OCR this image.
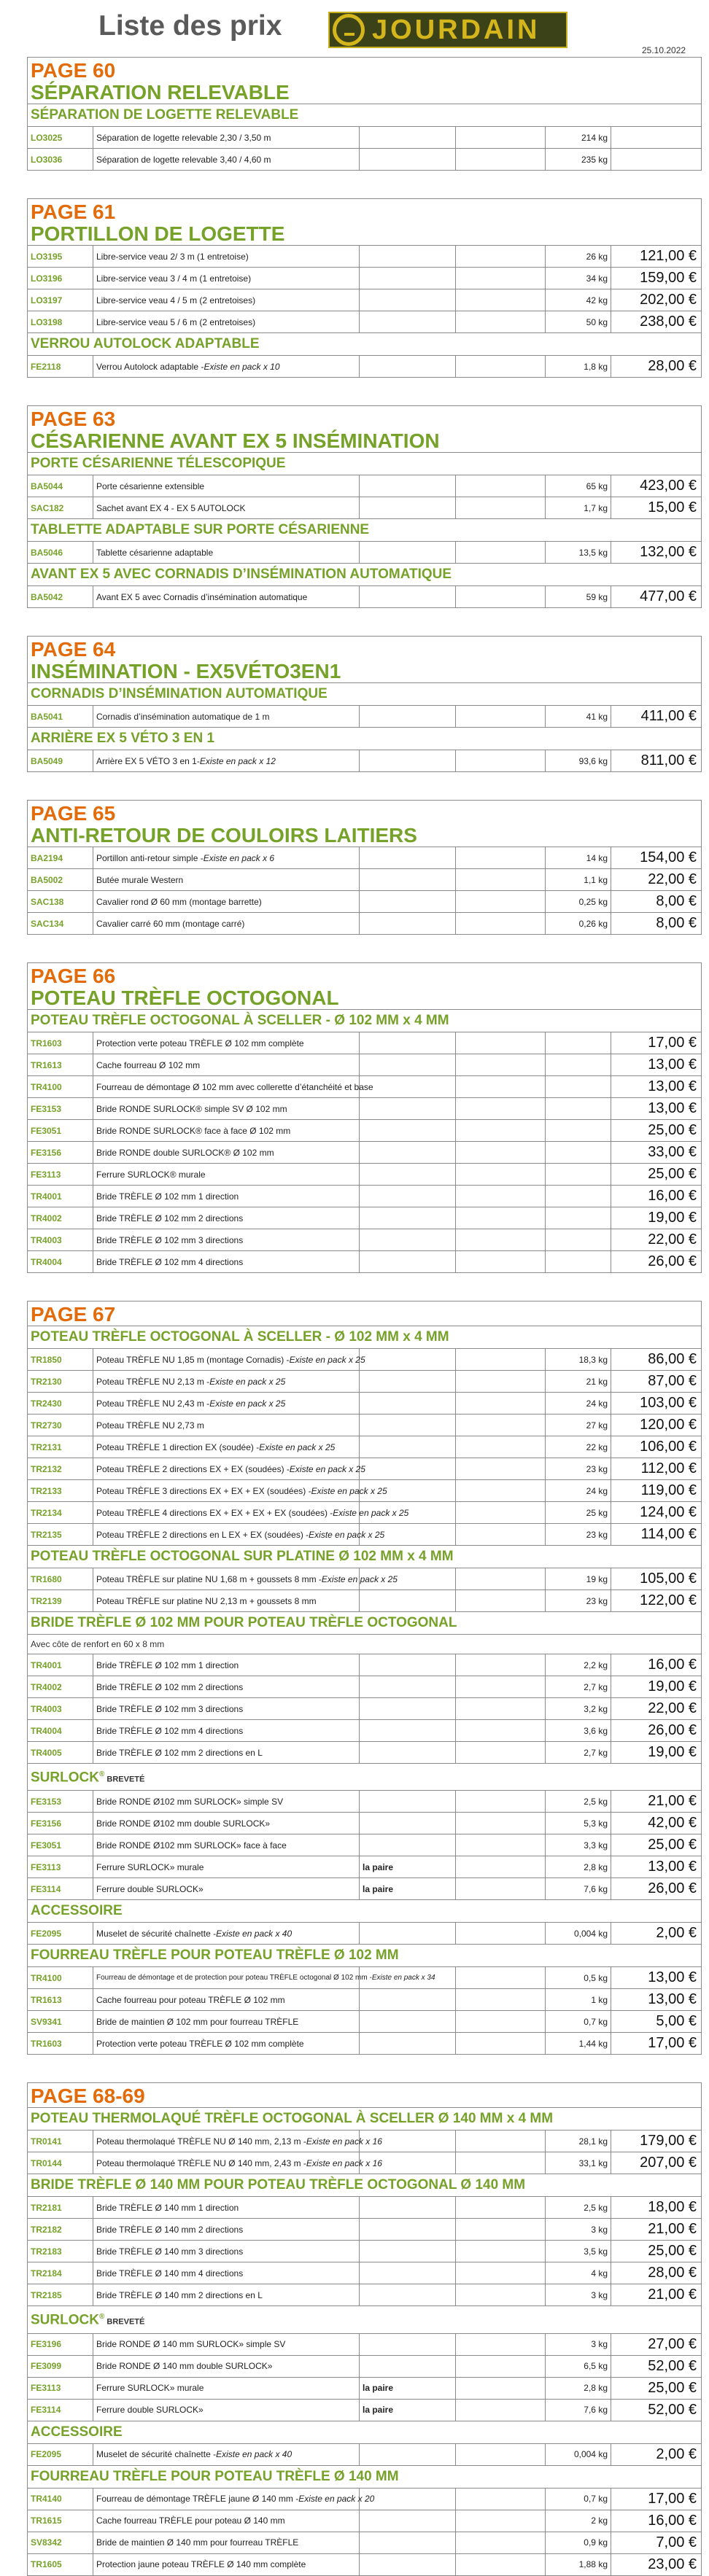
Liste des prix	JOURDAIN
25.10.2022
PAGE 60
SÉPARATION RELEVABLE
SÉPARATION DE LOGETTE RELEVABLE
LO3025	Séparation de logette relevable 2,30 / 3,50 m	214 kg
LO3036	Séparation de logette relevable 3,40 / 4,60 m	235 kg
PAGE 61
PORTILLON DE LOGETTE
LO3195	Libre-service veau 2/ 3 m (1 entretoise)	26 kg	121,00 €
LO3196	Libre-service veau 3 / 4 m (1 entretoise)	34 kg	159,00 €
LO3197	Libre-service veau 4 / 5 m (2 entretoises)	42 kg	202,00 €
LO3198	Libre-service veau 5 / 6 m (2 entretoises)	50 kg	238,00 €
VERROU AUTOLOCK ADAPTABLE
FE2118	Verrou Autolock adaptable - Existe en pack x 10	1,8 kg	28,00 €
PAGE 63
CÉSARIENNE AVANT EX 5 INSÉMINATION
PORTE CÉSARIENNE TÉLESCOPIQUE
BA5044	Porte césarienne extensible	65 kg	423,00 €
SAC182	Sachet avant EX 4 - EX 5 AUTOLOCK	1,7 kg	15,00 €
TABLETTE ADAPTABLE SUR PORTE CÉSARIENNE
BA5046	Tablette césarienne adaptable	13,5 kg	132,00 €
AVANT EX 5 AVEC CORNADIS D’INSÉMINATION AUTOMATIQUE
BA5042	Avant EX 5 avec Cornadis d’insémination automatique	59 kg	477,00 €
PAGE 64
INSÉMINATION - EX5VÉTO3EN1
CORNADIS D’INSÉMINATION AUTOMATIQUE
BA5041	Cornadis d’insémination automatique de 1 m	41 kg	411,00 €
ARRIÈRE EX 5 VÉTO 3 EN 1
BA5049	Arrière EX 5 VÉTO 3 en 1- Existe en pack x 12	93,6 kg	811,00 €
PAGE 65
ANTI-RETOUR DE COULOIRS LAITIERS
BA2194	Portillon anti-retour simple - Existe en pack x 6	14 kg	154,00 €
BA5002	Butée murale Western	1,1 kg	22,00 €
SAC138	Cavalier rond Ø 60 mm (montage barrette)	0,25 kg	8,00 €
SAC134	Cavalier carré 60 mm (montage carré)	0,26 kg	8,00 €
PAGE 66
POTEAU TRÈFLE OCTOGONAL
POTEAU TRÈFLE OCTOGONAL À SCELLER - Ø 102 MM x 4 MM
TR1603	Protection verte poteau TRÈFLE Ø 102 mm complète	17,00 €
TR1613	Cache fourreau Ø 102 mm	13,00 €
TR4100	Fourreau de démontage Ø 102 mm avec collerette d’étanchéité et base	13,00 €
FE3153	Bride RONDE SURLOCK® simple SV Ø 102 mm	13,00 €
FE3051	Bride RONDE SURLOCK® face à face Ø 102 mm	25,00 €
FE3156	Bride RONDE double SURLOCK® Ø 102 mm	33,00 €
FE3113	Ferrure SURLOCK® murale	25,00 €
TR4001	Bride TRÈFLE Ø 102 mm 1 direction	16,00 €
TR4002	Bride TRÈFLE Ø 102 mm 2 directions	19,00 €
TR4003	Bride TRÈFLE Ø 102 mm 3 directions	22,00 €
TR4004	Bride TRÈFLE Ø 102 mm 4 directions	26,00 €
PAGE 67
POTEAU TRÈFLE OCTOGONAL À SCELLER - Ø 102 MM x 4 MM
TR1850	Poteau TRÈFLE NU 1,85 m (montage Cornadis) - Existe en pack x 25	18,3 kg	86,00 €
TR2130	Poteau TRÈFLE NU 2,13 m - Existe en pack x 25	21 kg	87,00 €
TR2430	Poteau TRÈFLE NU 2,43 m - Existe en pack x 25	24 kg	103,00 €
TR2730	Poteau TRÈFLE NU 2,73 m	27 kg	120,00 €
TR2131	Poteau TRÈFLE 1 direction EX (soudée) - Existe en pack x 25	22 kg	106,00 €
TR2132	Poteau TRÈFLE 2 directions EX + EX (soudées) - Existe en pack x 25	23 kg	112,00 €
TR2133	Poteau TRÈFLE 3 directions EX + EX + EX (soudées) - Existe en pack x 25	24 kg	119,00 €
TR2134	Poteau TRÈFLE 4 directions EX + EX + EX + EX (soudées) - Existe en pack x 25	25 kg	124,00 €
TR2135	Poteau TRÈFLE 2 directions en L EX + EX (soudées) - Existe en pack x 25	23 kg	114,00 €
POTEAU TRÈFLE OCTOGONAL SUR PLATINE Ø 102 MM x 4 MM
TR1680	Poteau TRÈFLE sur platine NU 1,68 m + goussets 8 mm - Existe en pack x 25	19 kg	105,00 €
TR2139	Poteau TRÈFLE sur platine NU 2,13 m + goussets 8 mm	23 kg	122,00 €
BRIDE TRÈFLE Ø 102 MM POUR POTEAU TRÈFLE OCTOGONAL
Avec côte de renfort en 60 x 8 mm
TR4001	Bride TRÈFLE Ø 102 mm 1 direction	2,2 kg	16,00 €
TR4002	Bride TRÈFLE Ø 102 mm 2 directions	2,7 kg	19,00 €
TR4003	Bride TRÈFLE Ø 102 mm 3 directions	3,2 kg	22,00 €
TR4004	Bride TRÈFLE Ø 102 mm 4 directions	3,6 kg	26,00 €
TR4005	Bride TRÈFLE Ø 102 mm 2 directions en L	2,7 kg	19,00 €
SURLOCK® BREVETÉ
FE3153	Bride RONDE Ø102 mm SURLOCK» simple SV	2,5 kg	21,00 €
FE3156	Bride RONDE Ø102 mm double SURLOCK»	5,3 kg	42,00 €
FE3051	Bride RONDE Ø102 mm SURLOCK» face à face	3,3 kg	25,00 €
FE3113	Ferrure SURLOCK» murale	la paire	2,8 kg	13,00 €
FE3114	Ferrure double SURLOCK»	la paire	7,6 kg	26,00 €
ACCESSOIRE
FE2095	Muselet de sécurité chaînette - Existe en pack x 40	0,004 kg	2,00 €
FOURREAU TRÈFLE POUR POTEAU TRÈFLE Ø 102 MM
TR4100	Fourreau de démontage et de protection pour poteau TRÈFLE octogonal Ø 102 mm - Existe en pack x 34	0,5 kg	13,00 €
TR1613	Cache fourreau pour poteau TRÈFLE Ø 102 mm	1 kg	13,00 €
SV9341	Bride de maintien Ø 102 mm pour fourreau TRÈFLE	0,7 kg	5,00 €
TR1603	Protection verte poteau TRÈFLE Ø 102 mm complète	1,44 kg	17,00 €
PAGE 68-69
POTEAU THERMOLAQUÉ TRÈFLE OCTOGONAL À SCELLER Ø 140 MM x 4 MM
TR0141	Poteau thermolaqué TRÈFLE NU Ø 140 mm, 2,13 m - Existe en pack x 16	28,1 kg	179,00 €
TR0144	Poteau thermolaqué TRÈFLE NU Ø 140 mm, 2,43 m - Existe en pack x 16	33,1 kg	207,00 €
BRIDE TRÈFLE Ø 140 MM POUR POTEAU TRÈFLE OCTOGONAL Ø 140 MM
TR2181	Bride TRÈFLE Ø 140 mm 1 direction	2,5 kg	18,00 €
TR2182	Bride TRÈFLE Ø 140 mm 2 directions	3 kg	21,00 €
TR2183	Bride TRÈFLE Ø 140 mm 3 directions	3,5 kg	25,00 €
TR2184	Bride TRÈFLE Ø 140 mm 4 directions	4 kg	28,00 €
TR2185	Bride TRÈFLE Ø 140 mm 2 directions en L	3 kg	21,00 €
SURLOCK® BREVETÉ
FE3196	Bride RONDE Ø 140 mm SURLOCK» simple SV	3 kg	27,00 €
FE3099	Bride RONDE Ø 140 mm double SURLOCK»	6,5 kg	52,00 €
FE3113	Ferrure SURLOCK» murale	la paire	2,8 kg	25,00 €
FE3114	Ferrure double SURLOCK»	la paire	7,6 kg	52,00 €
ACCESSOIRE
FE2095	Muselet de sécurité chaînette - Existe en pack x 40	0,004 kg	2,00 €
FOURREAU TRÈFLE POUR POTEAU TRÈFLE Ø 140 MM
TR4140	Fourreau de démontage TRÈFLE jaune Ø 140 mm - Existe en pack x 20	0,7 kg	17,00 €
TR1615	Cache fourreau TRÈFLE pour poteau Ø 140 mm	2 kg	16,00 €
SV8342	Bride de maintien Ø 140 mm pour fourreau TRÈFLE	0,9 kg	7,00 €
TR1605	Protection jaune poteau TRÈFLE Ø 140 mm complète	1,88 kg	23,00 €
